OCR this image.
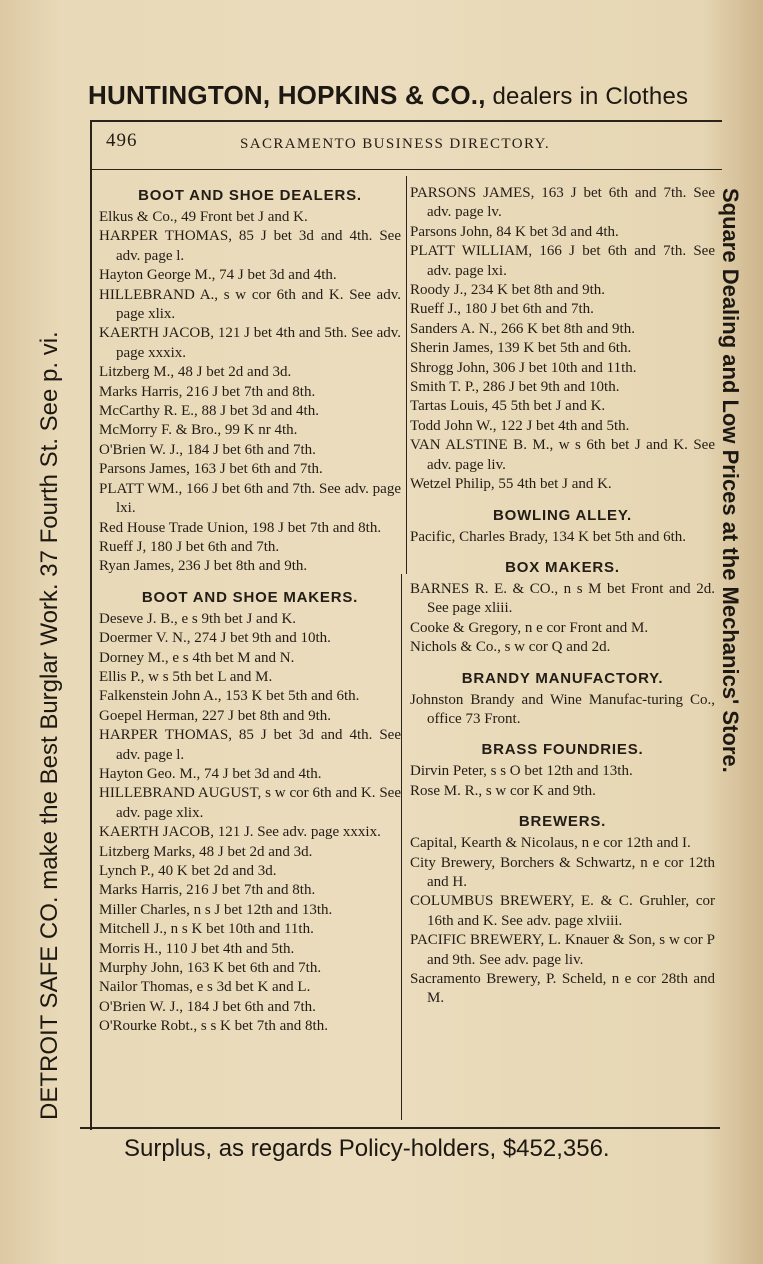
HUNTINGTON, HOPKINS & CO., dealers in Clothes
DETROIT SAFE CO. make the Best Burglar Work. 37 Fourth St. See p. vi.	Square Dealing and Low Prices at the Mechanics' Store.
496	SACRAMENTO BUSINESS DIRECTORY.
BOOT AND SHOE DEALERS.
Elkus & Co., 49 Front bet J and K.
HARPER THOMAS, 85 J bet 3d and 4th. See adv. page l.
Hayton George M., 74 J bet 3d and 4th.
HILLEBRAND A., s w cor 6th and K. See adv. page xlix.
KAERTH JACOB, 121 J bet 4th and 5th. See adv. page xxxix.
Litzberg M., 48 J bet 2d and 3d.
Marks Harris, 216 J bet 7th and 8th.
McCarthy R. E., 88 J bet 3d and 4th.
McMorry F. & Bro., 99 K nr 4th.
O'Brien W. J., 184 J bet 6th and 7th.
Parsons James, 163 J bet 6th and 7th.
PLATT WM., 166 J bet 6th and 7th. See adv. page lxi.
Red House Trade Union, 198 J bet 7th and 8th.
Rueff J, 180 J bet 6th and 7th.
Ryan James, 236 J bet 8th and 9th.
BOOT AND SHOE MAKERS.
Deseve J. B., e s 9th bet J and K.
Doermer V. N., 274 J bet 9th and 10th.
Dorney M., e s 4th bet M and N.
Ellis P., w s 5th bet L and M.
Falkenstein John A., 153 K bet 5th and 6th.
Goepel Herman, 227 J bet 8th and 9th.
HARPER THOMAS, 85 J bet 3d and 4th. See adv. page l.
Hayton Geo. M., 74 J bet 3d and 4th.
HILLEBRAND AUGUST, s w cor 6th and K. See adv. page xlix.
KAERTH JACOB, 121 J. See adv. page xxxix.
Litzberg Marks, 48 J bet 2d and 3d.
Lynch P., 40 K bet 2d and 3d.
Marks Harris, 216 J bet 7th and 8th.
Miller Charles, n s J bet 12th and 13th.
Mitchell J., n s K bet 10th and 11th.
Morris H., 110 J bet 4th and 5th.
Murphy John, 163 K bet 6th and 7th.
Nailor Thomas, e s 3d bet K and L.
O'Brien W. J., 184 J bet 6th and 7th.
O'Rourke Robt., s s K bet 7th and 8th.
PARSONS JAMES, 163 J bet 6th and 7th. See adv. page lv.
Parsons John, 84 K bet 3d and 4th.
PLATT WILLIAM, 166 J bet 6th and 7th. See adv. page lxi.
Roody J., 234 K bet 8th and 9th.
Rueff J., 180 J bet 6th and 7th.
Sanders A. N., 266 K bet 8th and 9th.
Sherin James, 139 K bet 5th and 6th.
Shrogg John, 306 J bet 10th and 11th.
Smith T. P., 286 J bet 9th and 10th.
Tartas Louis, 45 5th bet J and K.
Todd John W., 122 J bet 4th and 5th.
VAN ALSTINE B. M., w s 6th bet J and K. See adv. page liv.
Wetzel Philip, 55 4th bet J and K.
BOWLING ALLEY.
Pacific, Charles Brady, 134 K bet 5th and 6th.
BOX MAKERS.
BARNES R. E. & CO., n s M bet Front and 2d. See page xliii.
Cooke & Gregory, n e cor Front and M.
Nichols & Co., s w cor Q and 2d.
BRANDY MANUFACTORY.
Johnston Brandy and Wine Manufac-turing Co., office 73 Front.
BRASS FOUNDRIES.
Dirvin Peter, s s O bet 12th and 13th.
Rose M. R., s w cor K and 9th.
BREWERS.
Capital, Kearth & Nicolaus, n e cor 12th and I.
City Brewery, Borchers & Schwartz, n e cor 12th and H.
COLUMBUS BREWERY, E. & C. Gruhler, cor 16th and K. See adv. page xlviii.
PACIFIC BREWERY, L. Knauer & Son, s w cor P and 9th. See adv. page liv.
Sacramento Brewery, P. Scheld, n e cor 28th and M.
Surplus, as regards Policy-holders, $452,356.
